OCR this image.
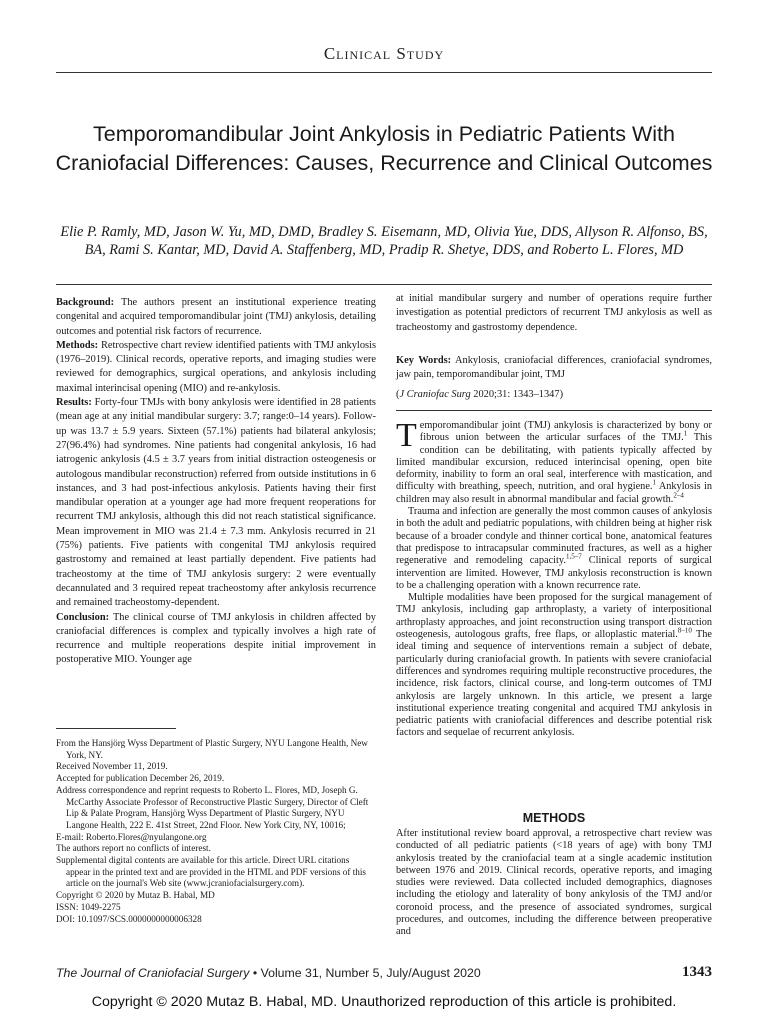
Clinical Study
Temporomandibular Joint Ankylosis in Pediatric Patients With Craniofacial Differences: Causes, Recurrence and Clinical Outcomes
Elie P. Ramly, MD, Jason W. Yu, MD, DMD, Bradley S. Eisemann, MD, Olivia Yue, DDS, Allyson R. Alfonso, BS, BA, Rami S. Kantar, MD, David A. Staffenberg, MD, Pradip R. Shetye, DDS, and Roberto L. Flores, MD

Background: The authors present an institutional experience treating congenital and acquired temporomandibular joint (TMJ) ankylosis, detailing outcomes and potential risk factors of recurrence.

Methods: Retrospective chart review identified patients with TMJ ankylosis (1976–2019). Clinical records, operative reports, and imaging studies were reviewed for demographics, surgical operations, and ankylosis including maximal interincisal opening (MIO) and re-ankylosis.

Results: Forty-four TMJs with bony ankylosis were identified in 28 patients (mean age at any initial mandibular surgery: 3.7; range:0–14 years). Follow-up was 13.7 ± 5.9 years. Sixteen (57.1%) patients had bilateral ankylosis; 27(96.4%) had syndromes. Nine patients had congenital ankylosis, 16 had iatrogenic ankylosis (4.5 ± 3.7 years from initial distraction osteogenesis or autologous mandibular reconstruction) referred from outside institutions in 6 instances, and 3 had post-infectious ankylosis. Patients having their first mandibular operation at a younger age had more frequent reoperations for recurrent TMJ ankylosis, although this did not reach statistical significance. Mean improvement in MIO was 21.4 ± 7.3 mm. Ankylosis recurred in 21 (75%) patients. Five patients with congenital TMJ ankylosis required gastrostomy and remained at least partially dependent. Five patients had tracheostomy at the time of TMJ ankylosis surgery: 2 were eventually decannulated and 3 required repeat tracheostomy after ankylosis recurrence and remained tracheostomy-dependent.

Conclusion: The clinical course of TMJ ankylosis in children affected by craniofacial differences is complex and typically involves a high rate of recurrence and multiple reoperations despite initial improvement in postoperative MIO. Younger age

From the Hansjörg Wyss Department of Plastic Surgery, NYU Langone Health, New York, NY.

Received November 11, 2019.

Accepted for publication December 26, 2019.

Address correspondence and reprint requests to Roberto L. Flores, MD, Joseph G. McCarthy Associate Professor of Reconstructive Plastic Surgery, Director of Cleft Lip & Palate Program, Hansjörg Wyss Department of Plastic Surgery, NYU Langone Health, 222 E. 41st Street, 22nd Floor. New York City, NY, 10016;

E-mail: Roberto.Flores@nyulangone.org

The authors report no conflicts of interest.

Supplemental digital contents are available for this article. Direct URL citations appear in the printed text and are provided in the HTML and PDF versions of this article on the journal's Web site (www.jcraniofacialsurgery.com).

Copyright © 2020 by Mutaz B. Habal, MD

ISSN: 1049-2275

DOI: 10.1097/SCS.0000000000006328

at initial mandibular surgery and number of operations require further investigation as potential predictors of recurrent TMJ ankylosis as well as tracheostomy and gastrostomy dependence.

Key Words: Ankylosis, craniofacial differences, craniofacial syndromes, jaw pain, temporomandibular joint, TMJ

(J Craniofac Surg 2020;31: 1343–1347)

Temporomandibular joint (TMJ) ankylosis is characterized by bony or fibrous union between the articular surfaces of the TMJ.$^1$ This condition can be debilitating, with patients typically affected by limited mandibular excursion, reduced interincisal opening, open bite deformity, inability to form an oral seal, interference with mastication, and difficulty with breathing, speech, nutrition, and oral hygiene.$^1$ Ankylosis in children may also result in abnormal mandibular and facial growth.$^{2-4}$

Trauma and infection are generally the most common causes of ankylosis in both the adult and pediatric populations, with children being at higher risk because of a broader condyle and thinner cortical bone, anatomical features that predispose to intracapsular comminuted fractures, as well as a higher regenerative and remodeling capacity.$^{1,5-7}$ Clinical reports of surgical intervention are limited. However, TMJ ankylosis reconstruction is known to be a challenging operation with a known recurrence rate.

Multiple modalities have been proposed for the surgical management of TMJ ankylosis, including gap arthroplasty, a variety of interpositional arthroplasty approaches, and joint reconstruction using transport distraction osteogenesis, autologous grafts, free flaps, or alloplastic material.$^{8-10}$ The ideal timing and sequence of interventions remain a subject of debate, particularly during craniofacial growth. In patients with severe craniofacial differences and syndromes requiring multiple reconstructive procedures, the incidence, risk factors, clinical course, and long-term outcomes of TMJ ankylosis are largely unknown. In this article, we present a large institutional experience treating congenital and acquired TMJ ankylosis in pediatric patients with craniofacial differences and describe potential risk factors and sequelae of recurrent ankylosis.

METHODS

After institutional review board approval, a retrospective chart review was conducted of all pediatric patients (<18 years of age) with bony TMJ ankylosis treated by the craniofacial team at a single academic institution between 1976 and 2019. Clinical records, operative reports, and imaging studies were reviewed. Data collected included demographics, diagnoses including the etiology and laterality of bony ankylosis of the TMJ and/or coronoid process, and the presence of associated syndromes, surgical procedures, and outcomes, including the difference between preoperative and

The Journal of Craniofacial Surgery • Volume 31, Number 5, July/August 2020	1343
Copyright © 2020 Mutaz B. Habal, MD. Unauthorized reproduction of this article is prohibited.
